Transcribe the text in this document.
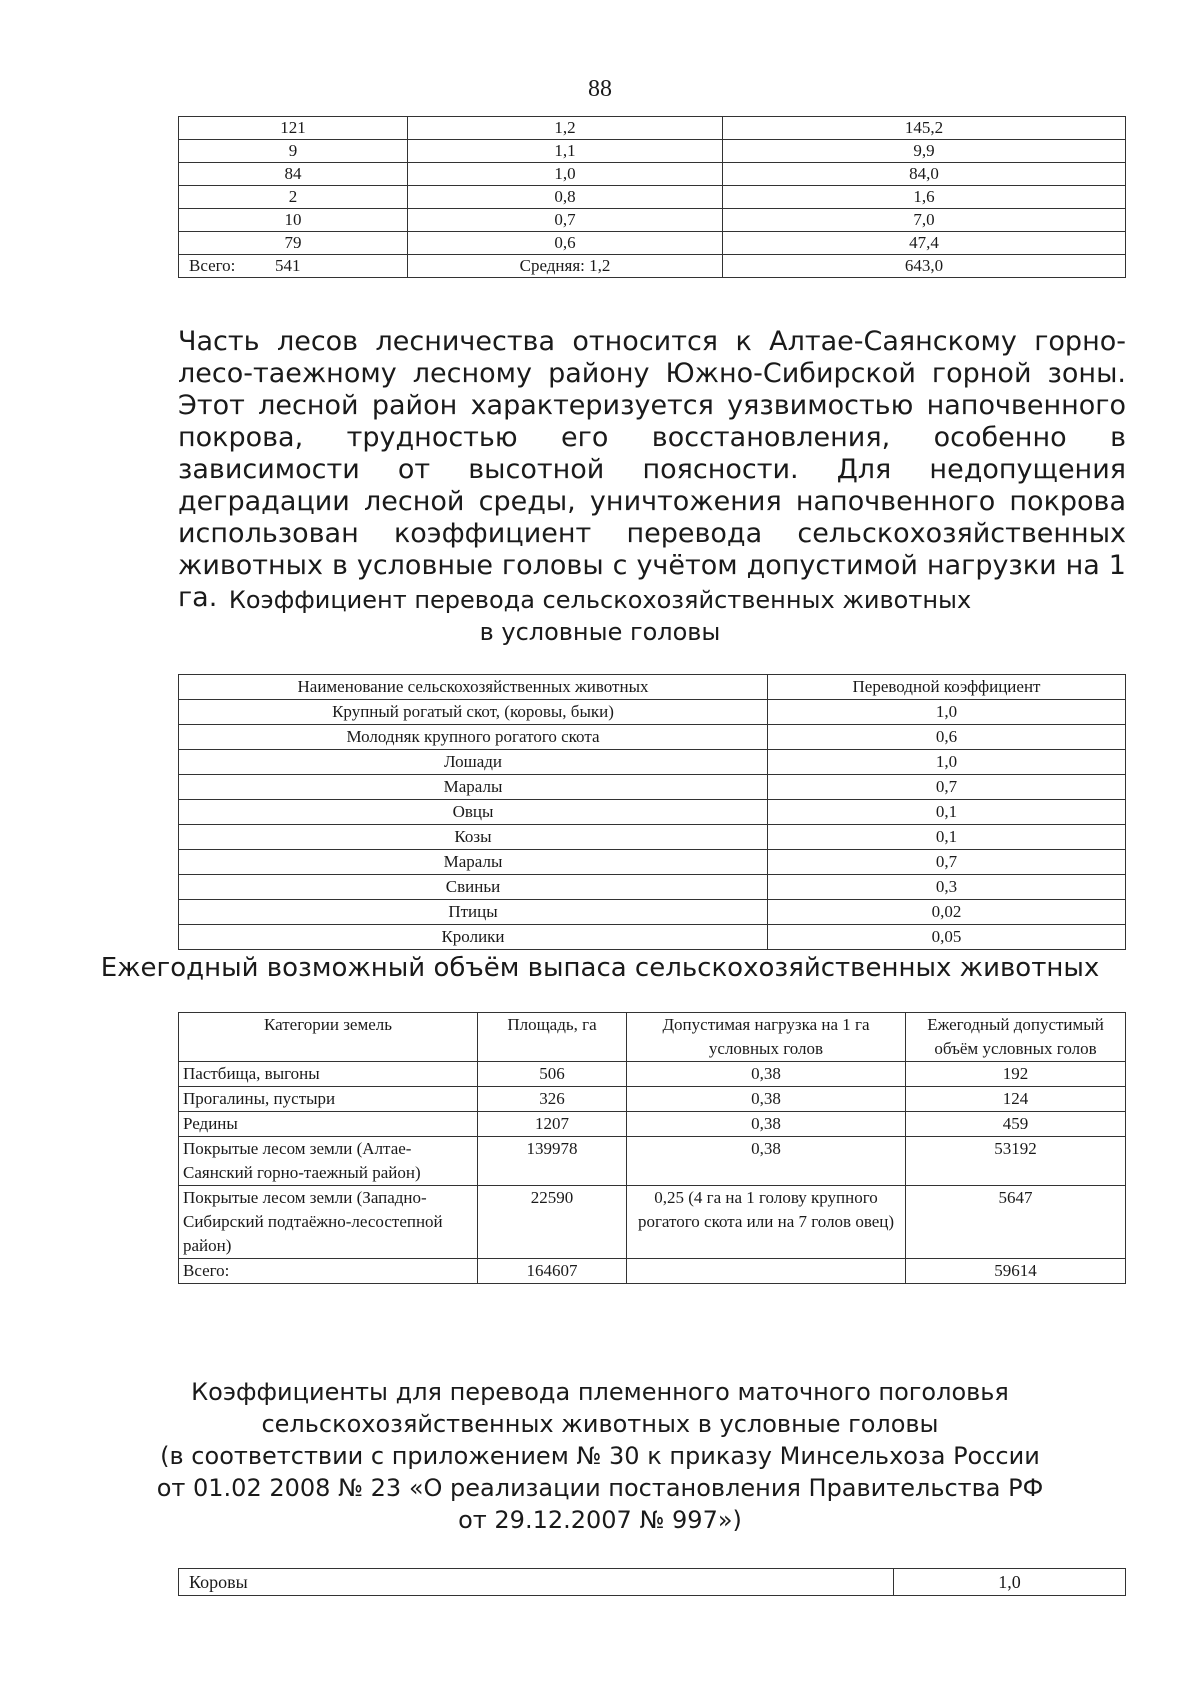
88
121	1,2	145,2
9	1,1	9,9
84	1,0	84,0
2	0,8	1,6
10	0,7	7,0
79	0,6	47,4
Всего: 541	Средняя: 1,2	643,0

Часть лесов лесничества относится к Алтае-Саянскому горно-лесо-таежному лесному району Южно-Сибирской горной зоны. Этот лесной район характеризуется уязвимостью напочвенного покрова, трудностью его восстановления, особенно в зависимости от высотной поясности. Для недопущения деградации лесной среды, уничтожения напочвенного покрова использован коэффициент перевода сельскохозяйственных животных в условные головы с учётом допустимой нагрузки на 1 га. Коэффициент перевода сельскохозяйственных животных
в условные головы
Наименование сельскохозяйственных животных	Переводной коэффициент
Крупный рогатый скот, (коровы, быки)	1,0
Молодняк крупного рогатого скота	0,6
Лошади	1,0
Маралы	0,7
Овцы	0,1
Козы	0,1
Маралы	0,7
Свиньи	0,3
Птицы	0,02
Кролики	0,05
Ежегодный возможный объём выпаса сельскохозяйственных животных
Категории земель	Площадь, га	Допустимая нагрузка на 1 га условных голов	Ежегодный допустимый объём условных голов
Пастбища, выгоны	506	0,38	192
Прогалины, пустыри	326	0,38	124
Редины	1207	0,38	459
Покрытые лесом земли (Алтае-Саянский горно-таежный район)	139978	0,38	53192
Покрытые лесом земли (Западно-Сибирский подтаёжно-лесостепной район)	22590	0,25 (4 га на 1 голову крупного рогатого скота или на 7 голов овец)	5647
Всего:	164607		59614
Коэффициенты для перевода племенного маточного поголовья
сельскохозяйственных животных в условные головы
(в соответствии с приложением № 30 к приказу Минсельхоза России
от 01.02 2008 № 23 «О реализации постановления Правительства РФ
от 29.12.2007 № 997»)
Коровы	1,0
